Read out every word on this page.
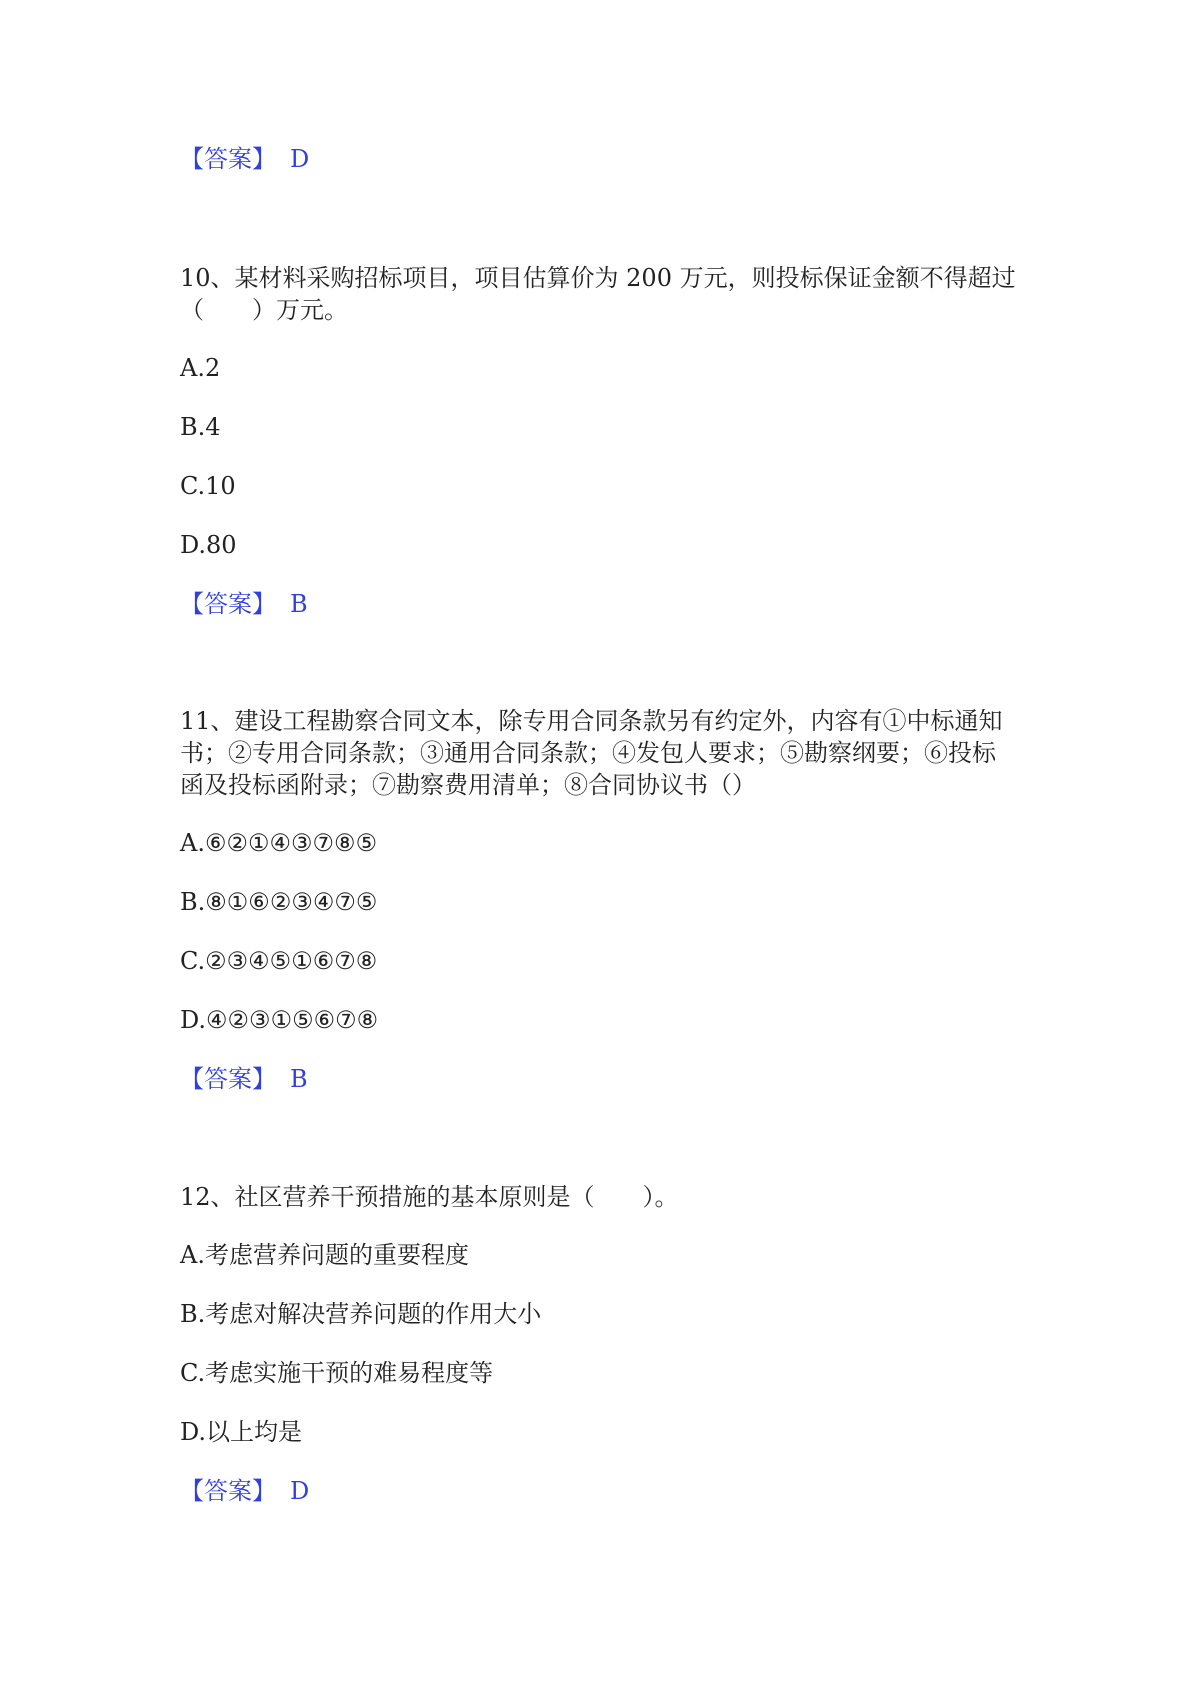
【答案】 D
10、某材料采购招标项目，项目估算价为 200 万元，则投标保证金额不得超过
（　　）万元。
A.2
B.4
C.10
D.80
【答案】 B
11、建设工程勘察合同文本，除专用合同条款另有约定外，内容有①中标通知
书；②专用合同条款；③通用合同条款；④发包人要求；⑤勘察纲要；⑥投标
函及投标函附录；⑦勘察费用清单；⑧合同协议书（）
A.⑥②①④③⑦⑧⑤
B.⑧①⑥②③④⑦⑤
C.②③④⑤①⑥⑦⑧
D.④②③①⑤⑥⑦⑧
【答案】 B
12、社区营养干预措施的基本原则是（　　）。
A.考虑营养问题的重要程度
B.考虑对解决营养问题的作用大小
C.考虑实施干预的难易程度等
D.以上均是
【答案】 D
